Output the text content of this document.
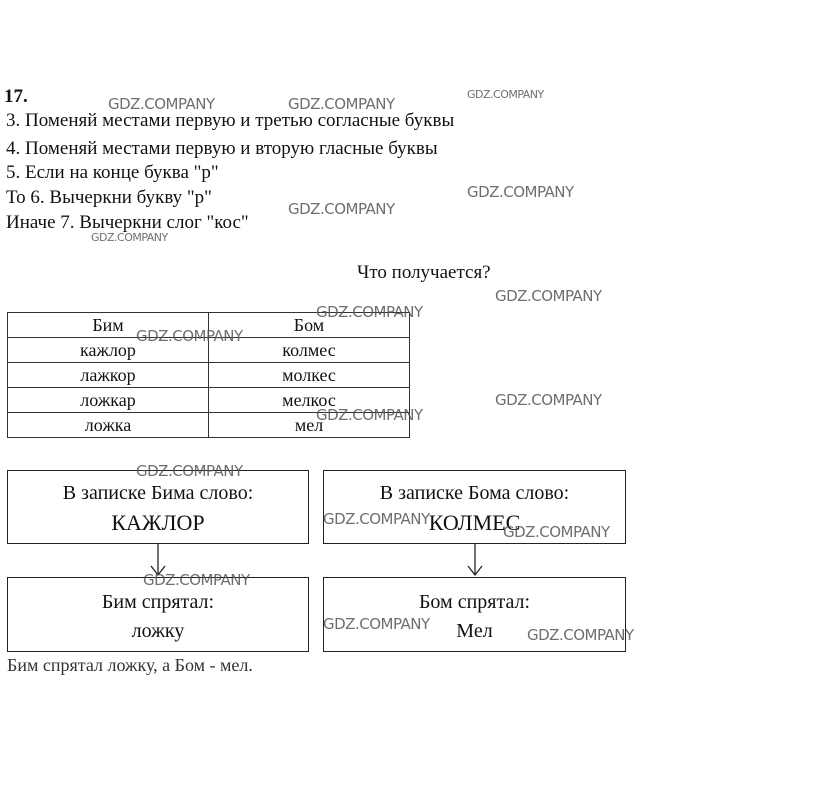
17.
3. Поменяй местами первую и третью согласные буквы
4. Поменяй местами первую и вторую гласные буквы
5. Если на конце буква "р"
То 6. Вычеркни букву "р"
Иначе 7. Вычеркни слог "кос"
Что получается?
Бим	Бом
кажлор	колмес
лажкор	молкес
ложкар	мелкос
ложка	мел
В записке Бима слово:
КАЖЛОР
В записке Бома слово:
КОЛМЕС
Бим спрятал:
ложку
Бом спрятал:
Мел
Бим спрятал ложку, а Бом - мел.
GDZ.COMPANY	GDZ.COMPANY
GDZ.COMPANY
GDZ.COMPANY
GDZ.COMPANY
GDZ.COMPANY
GDZ.COMPANY
GDZ.COMPANY
GDZ.COMPANY
GDZ.COMPANY
GDZ.COMPANY
GDZ.COMPANY
GDZ.COMPANY
GDZ.COMPANY
GDZ.COMPANY
GDZ.COMPANY
GDZ.COMPANY
